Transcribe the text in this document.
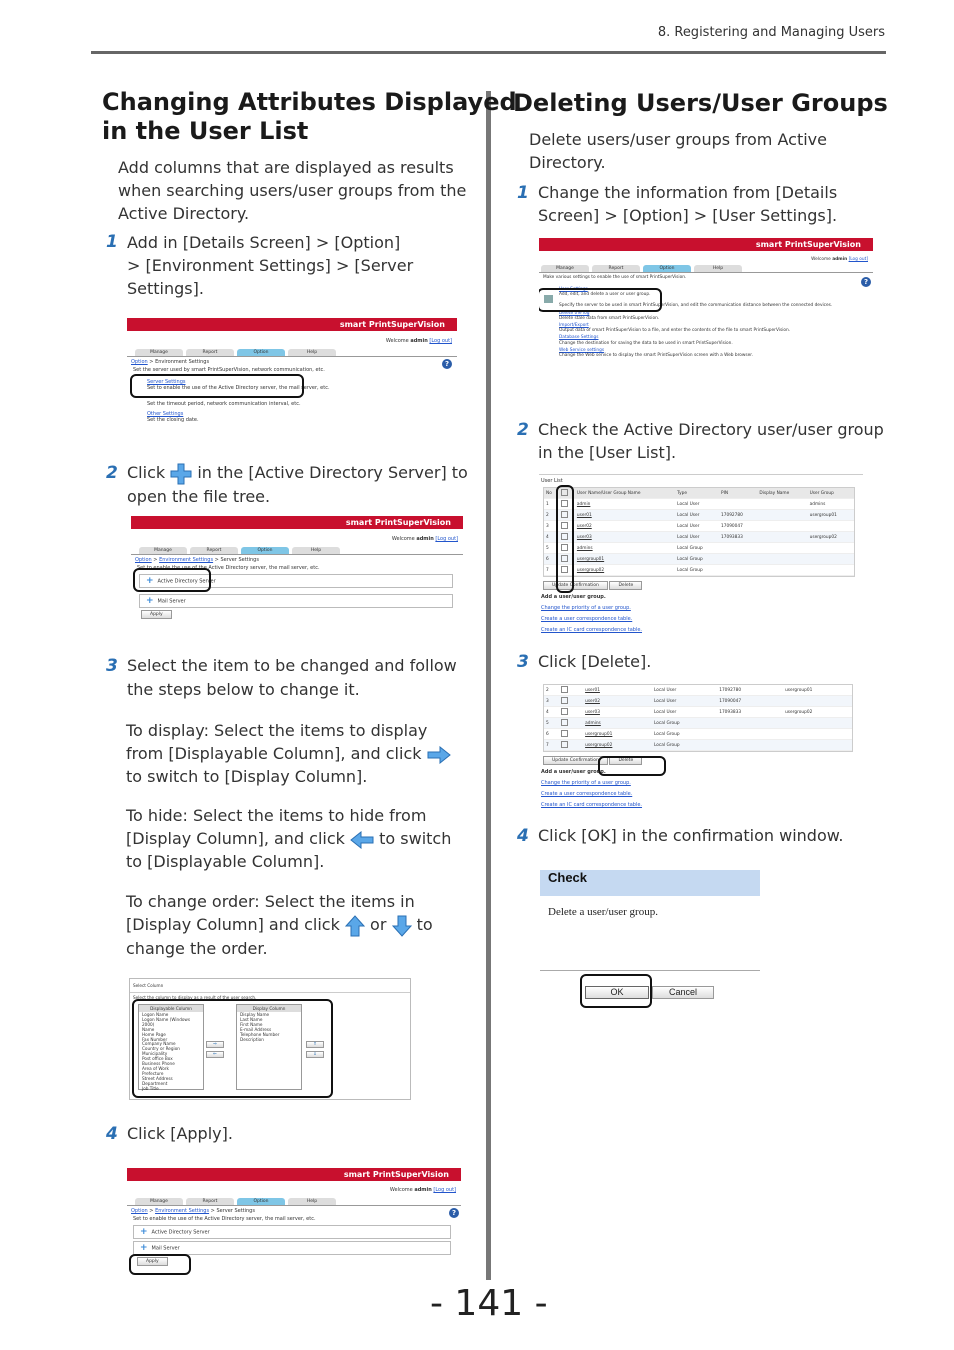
8. Registering and Managing Users
Changing Attributes Displayed
in the User List
Add columns that are displayed as results
when searching users/user groups from the
Active Directory.
1 Add in [Details Screen] > [Option]
> [Environment Settings] > [Server
Settings].
smart PrintSuperVision
Welcome admin [Log out]
Manage	Report	Option	Help
Option > Environment Settings
Set the server used by smart PrintSuperVision, network communication, etc.
?
Server Settings
Set to enable the use of the Active Directory server, the mail server, etc.
Set the timeout period, network communication interval, etc.
Other Settings
Set the closing date.
2 Click in the [Active Directory Server] to
open the file tree.
smart PrintSuperVision
Welcome admin [Log out]
Manage	Report	Option	Help
Option > Environment Settings > Server Settings
Set to enable the use of the Active Directory server, the mail server, etc.
+ Active Directory Server
+ Mail Server
Apply
3 Select the item to be changed and follow
the steps below to change it.
To display: Select the items to display
from [Displayable Column], and click
to switch to [Display Column].
To hide: Select the items to hide from
[Display Column], and click to switch
to [Displayable Column].
To change order: Select the items in
[Display Column] and click or to
change the order.
Select Column
Select the column to display as a result of the user search.
Displayable Column
Logon Name
Logon Name (Windows 2000)
Name
Home Page
Fax Number
Company Name
Country or Region
Municipality
Post office Box
Business Phone
Area of Work
Prefecture
Street Address
Department
Job Title
Display Column
Display Name
Last Name
First Name
E-mail Address
Telephone Number
Description
⇒
⇐
⇑
⇓
4 Click [Apply].
smart PrintSuperVision
Welcome admin [Log out]
Manage	Report	Option	Help
Option > Environment Settings > Server Settings
Set to enable the use of the Active Directory server, the mail server, etc.
?
+ Active Directory Server
+ Mail Server
Apply
Deleting Users/User Groups
Delete users/user groups from Active
Directory.
1 Change the information from [Details
Screen] > [Option] > [User Settings].
smart PrintSuperVision
Welcome admin [Log out]
Manage	Report	Option	Help
Make various settings to enable the use of smart PrintSuperVision.
?
User Settings
Add, edit, and delete a user or user group.
Specify the server to be used in smart PrintSuperVision, and edit the communication distance between the connected devices.
Delete the log
Delete stale data from smart PrintSuperVision.
Import/Export
Output data of smart PrintSuperVision to a file, and enter the contents of the file to smart PrintSuperVision.
Database Settings
Change the destination for saving the data to be used in smart PrintSuperVision.
Web Service settings
Change the Web service to display the smart PrintSuperVision screen with a Web browser.
2 Check the Active Directory user/user group
in the [User List].
User List
No		User Name/User Group Name	Type	PIN	Display Name	User Group
1		admin	Local User			admins
2		user01	Local User	17092780		usergroup01
3		user02	Local User	17090047		
4		user03	Local User	17093833		usergroup02
5		admins	Local Group			
6		usergroup01	Local Group			
7		usergroup02	Local Group			
Update Confirmation	Delete
Add a user/user group.
Change the priority of a user group.
Create a user correspondence table.
Create an IC card correspondence table.
3 Click [Delete].
2		user01	Local User	17092780		usergroup01
3		user02	Local User	17090047		
4		user03	Local User	17093833		usergroup02
5		admins	Local Group			
6		usergroup01	Local Group			
7		usergroup02	Local Group			
Update Confirmation	Delete
Add a user/user group.
Change the priority of a user group.
Create a user correspondence table.
Create an IC card correspondence table.
4 Click [OK] in the confirmation window.
Check
Delete a user/user group.
OK	Cancel
- 141 -
